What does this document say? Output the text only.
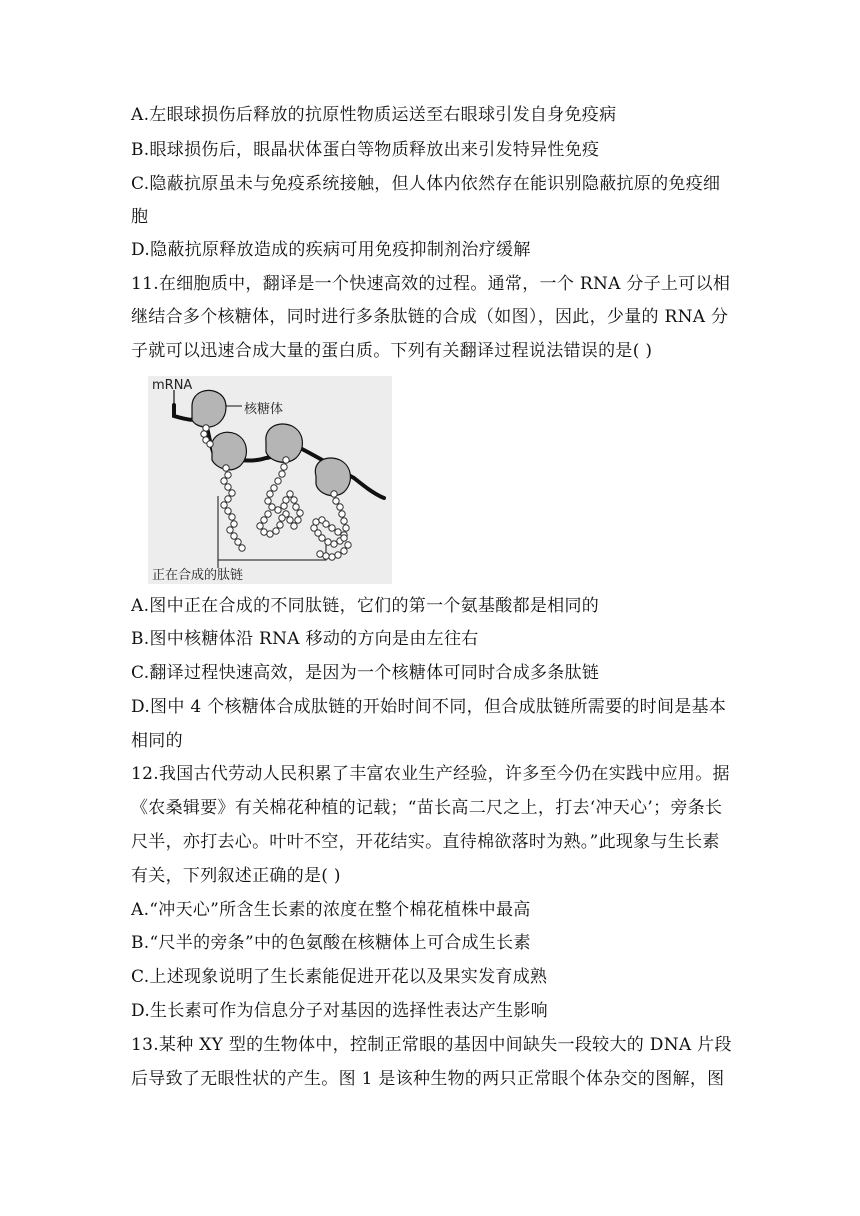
A.左眼球损伤后释放的抗原性物质运送至右眼球引发自身免疫病
B.眼球损伤后，眼晶状体蛋白等物质释放出来引发特异性免疫
C.隐蔽抗原虽未与免疫系统接触，但人体内依然存在能识别隐蔽抗原的免疫细
胞
D.隐蔽抗原释放造成的疾病可用免疫抑制剂治疗缓解
11.在细胞质中，翻译是一个快速高效的过程。通常，一个 RNA 分子上可以相
继结合多个核糖体，同时进行多条肽链的合成（如图），因此，少量的 RNA 分
子就可以迅速合成大量的蛋白质。下列有关翻译过程说法错误的是( )
mRNA
核糖体
正在合成的肽链
A.图中正在合成的不同肽链，它们的第一个氨基酸都是相同的
B.图中核糖体沿 RNA 移动的方向是由左往右
C.翻译过程快速高效，是因为一个核糖体可同时合成多条肽链
D.图中 4 个核糖体合成肽链的开始时间不同，但合成肽链所需要的时间是基本
相同的
12.我国古代劳动人民积累了丰富农业生产经验，许多至今仍在实践中应用。据
《农桑辑要》有关棉花种植的记载；“苗长高二尺之上，打去‘冲天心’；旁条长
尺半，亦打去心。叶叶不空，开花结实。直待棉欲落时为熟。”此现象与生长素
有关，下列叙述正确的是( )
A.“冲天心”所含生长素的浓度在整个棉花植株中最高
B.“尺半的旁条”中的色氨酸在核糖体上可合成生长素
C.上述现象说明了生长素能促进开花以及果实发育成熟
D.生长素可作为信息分子对基因的选择性表达产生影响
13.某种 XY 型的生物体中，控制正常眼的基因中间缺失一段较大的 DNA 片段
后导致了无眼性状的产生。图 1 是该种生物的两只正常眼个体杂交的图解，图
